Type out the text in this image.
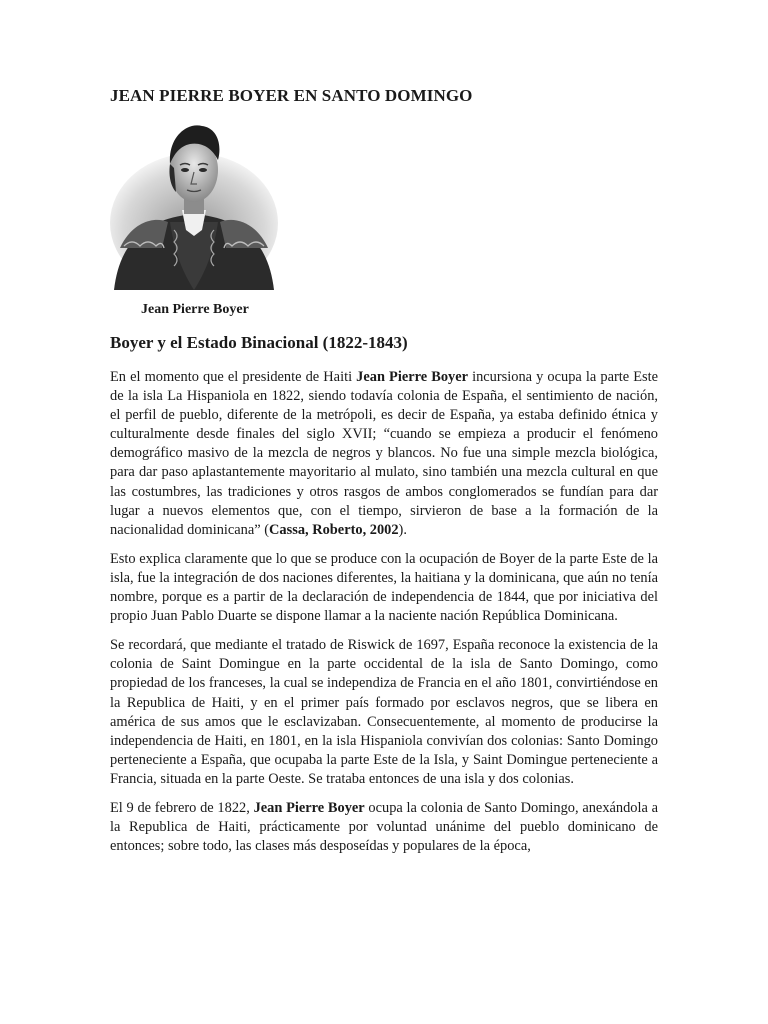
JEAN PIERRE BOYER EN SANTO DOMINGO

Jean Pierre Boyer

Boyer y el Estado Binacional (1822-1843)

En el momento que el presidente de Haiti Jean Pierre Boyer incursiona y ocupa la parte Este de la isla La Hispaniola en 1822, siendo todavía colonia de España, el sentimiento de nación, el perfil de pueblo, diferente de la metrópoli, es decir de España, ya estaba definido étnica y culturalmente desde finales del siglo XVII; “cuando se empieza a producir el fenómeno demográfico masivo de la mezcla de negros y blancos. No fue una simple mezcla biológica, para dar paso aplastantemente mayoritario al mulato, sino también una mezcla cultural en que las costumbres, las tradiciones y otros rasgos de ambos conglomerados se fundían para dar lugar a nuevos elementos que, con el tiempo, sirvieron de base a la formación de la nacionalidad dominicana” (Cassa, Roberto, 2002).

Esto explica claramente que lo que se produce con la ocupación de Boyer de la parte Este de la isla, fue la integración de dos naciones diferentes, la haitiana y la dominicana, que aún no tenía nombre, porque es a partir de la declaración de independencia de 1844, que por iniciativa del propio Juan Pablo Duarte se dispone llamar a la naciente nación República Dominicana.

Se recordará, que mediante el tratado de Riswick de 1697, España reconoce la existencia de la colonia de Saint Domingue en la parte occidental de la isla de Santo Domingo, como propiedad de los franceses, la cual se independiza de Francia en el año 1801, convirtiéndose en la Republica de Haiti, y en el primer país formado por esclavos negros, que se libera en américa de sus amos que le esclavizaban. Consecuentemente, al momento de producirse la independencia de Haiti, en 1801, en la isla Hispaniola convivían dos colonias: Santo Domingo perteneciente a España, que ocupaba la parte Este de la Isla, y Saint Domingue perteneciente a Francia, situada en la parte Oeste. Se trataba entonces de una isla y dos colonias.

El 9 de febrero de 1822, Jean Pierre Boyer ocupa la colonia de Santo Domingo, anexándola a la Republica de Haiti, prácticamente por voluntad unánime del pueblo dominicano de entonces; sobre todo, las clases más desposeídas y populares de la época,
